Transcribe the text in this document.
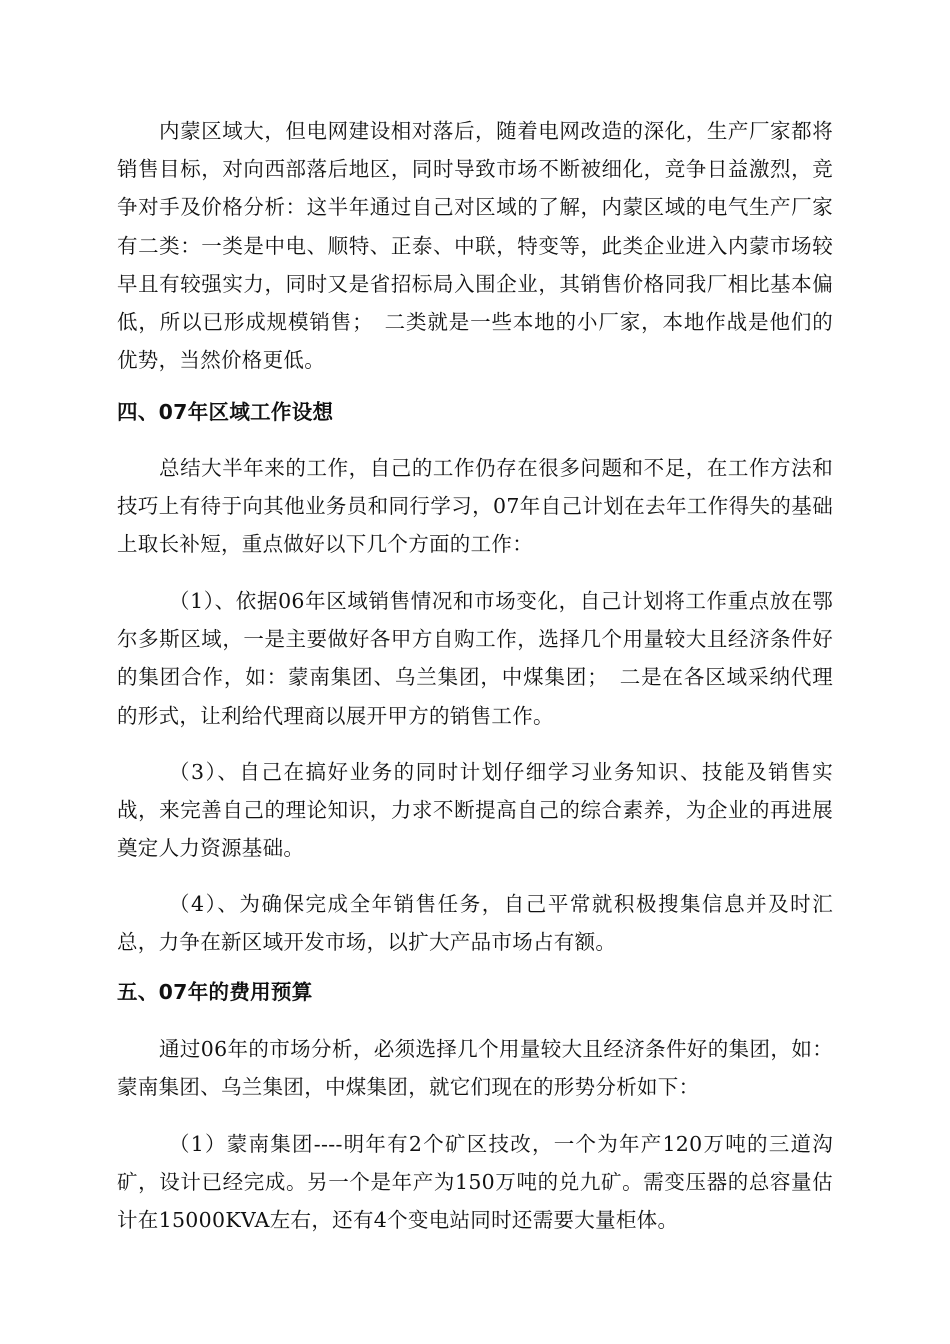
内蒙区域大，但电网建设相对落后，随着电网改造的深化，生产厂家都将销售目标，对向西部落后地区，同时导致市场不断被细化，竞争日益激烈，竞争对手及价格分析：这半年通过自己对区域的了解，内蒙区域的电气生产厂家有二类：一类是中电、顺特、正泰、中联，特变等，此类企业进入内蒙市场较早且有较强实力，同时又是省招标局入围企业，其销售价格同我厂相比基本偏低，所以已形成规模销售；　二类就是一些本地的小厂家，本地作战是他们的优势，当然价格更低。

四、07年区域工作设想

总结大半年来的工作，自己的工作仍存在很多问题和不足，在工作方法和技巧上有待于向其他业务员和同行学习，07年自己计划在去年工作得失的基础上取长补短，重点做好以下几个方面的工作：

（1）、依据06年区域销售情况和市场变化，自己计划将工作重点放在鄂尔多斯区域，一是主要做好各甲方自购工作，选择几个用量较大且经济条件好的集团合作，如：蒙南集团、乌兰集团，中煤集团；　二是在各区域采纳代理的形式，让利给代理商以展开甲方的销售工作。

（3）、自己在搞好业务的同时计划仔细学习业务知识、技能及销售实战，来完善自己的理论知识，力求不断提高自己的综合素养，为企业的再进展奠定人力资源基础。

（4）、为确保完成全年销售任务，自己平常就积极搜集信息并及时汇总，力争在新区域开发市场，以扩大产品市场占有额。

五、07年的费用预算

通过06年的市场分析，必须选择几个用量较大且经济条件好的集团，如：蒙南集团、乌兰集团，中煤集团，就它们现在的形势分析如下：

（1）蒙南集团----明年有2个矿区技改，一个为年产120万吨的三道沟矿，设计已经完成。另一个是年产为150万吨的兑九矿。需变压器的总容量估计在15000KVA左右，还有4个变电站同时还需要大量柜体。
